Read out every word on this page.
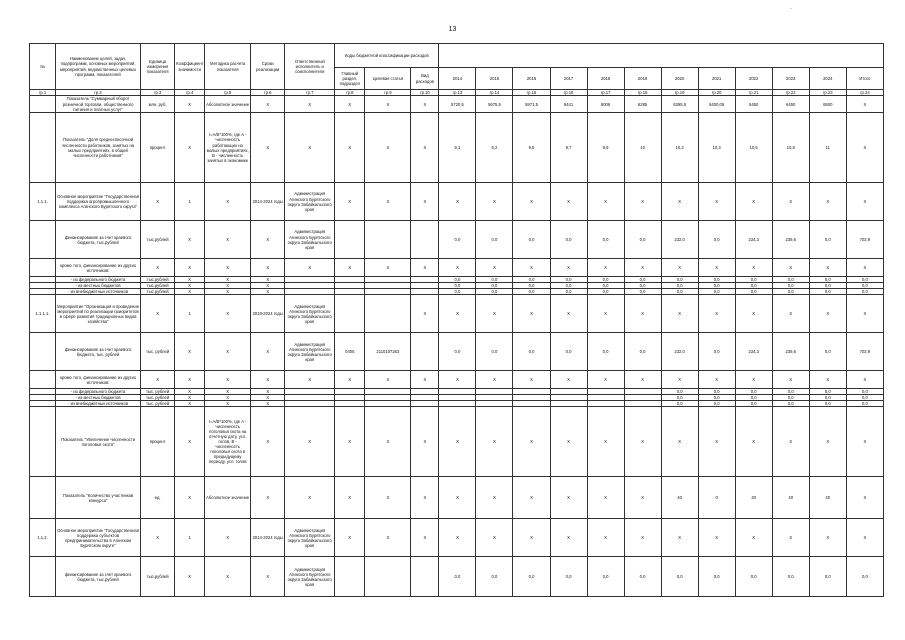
·
13
№	Наименование целей, задач, подпрограмм, основных мероприятий, мероприятий, ведомственных целевых программ, показателей	Единица измерения показателя	Коэффициент значимости	Методика расчета показателя	Сроки реализации	Ответственный исполнитель и соисполнители	Коды бюджетной классификации расходов														
							Главный раздел, подраздел	Целевая статья	Вид расходов	2014	2015	2016	2017	2018	2019	2020	2021	2022	2023	2024	Итого
гр.1	гр.2	гр.3	гр.4	гр.5	гр.6	гр.7	гр.8	гр.9	гр.10	гр.13	гр.14	гр.15	гр.16	гр.17	гр.18	гр.19	гр.20	гр.21	гр.22	гр.23	гр.24
	Показатель "Суммарный оборот розничной торговли, общественного питания и платных услуг"	млн. руб.	X	Абсолютное значение	X	X	X	X	X	5720,5	5675,5	5971,5	6441	6006	6285	6395,5	6400,05	6450	6450	6500	X
	Показатель "Доля среднесписочной численности работников, занятых на малых предприятиях, в общей численности работников"	процент	X	I=A/B*100%, где A - численность работающих на малых предприятиях, B - численность занятых в экономике	X	X	X	X	X	9,1	8,2	9,5	9,7	9,9	10	10,2	10,3	10,5	10,8	11	X
1.1.1.	Основное мероприятие "Государственная поддержка агропромышленного комплекса Агинского Бурятского округа"	X	1	X	2014-2024 годы	Администрация Агинского Бурятского округа Забайкальского края	X	X	X	X	X	X	X	X	X	X	X	X	X	X	X
	финансирование за счет краевого бюджета, тыс.рублей	тыс.рублей	X	X	X	Администрация Агинского Бурятского округа Забайкальского края				0,0	0,0	0,0	0,0	0,0	0,0	232,0	0,0	234,3	236,6	0,0	702,9
	кроме того, финансирование из других источников:	X	X	X	X	X	X	X	X	X	X	X	X	X	X	X	X	X	X	X	X
	- из федерального бюджета	тыс.рублей	X	X	X					0,0	0,0	0,0	0,0	0,0	0,0	0,0	0,0	0,0	0,0	0,0	0,0
	- из местных бюджетов	тыс.рублей	X	X	X					0,0	0,0	0,0	0,0	0,0	0,0	0,0	0,0	0,0	0,0	0,0	0,0
	- из внебюджетных источников	тыс.рублей	X	X	X					0,0	0,0	0,0	0,0	0,0	0,0	0,0	0,0	0,0	0,0	0,0	0,0
1.1.1.1.	Мероприятие "Организация и проведение мероприятий по реализации приоритетов в сфере развития традиционных видов хозяйства"	X	1	X	2019-2024 годы	Администрация Агинского Бурятского округа Забайкальского края			X	X	X	X	X	X	X	X	X	X	X	X	X
	финансирование за счет краевого бюджета, тыс. рублей	тыс. рублей	X	X	X	Администрация Агинского Бурятского округа Забайкальского края	0405	2110107263		0,0	0,0	0,0	0,0	0,0	0,0	232,0	0,0	234,3	236,6	0,0	702,9
	кроме того, финансирование из других источников:	X	X	X	X	X	X	X	X	X	X	X	X	X	X	X	X	X	X	X	X
	- из федерального бюджета	тыс. рублей	X	X	X											0,0	0,0	0,0	0,0	0,0	0,0
	- из местных бюджетов	тыс. рублей	X	X	X											0,0	0,0	0,0	0,0	0,0	0,0
	- из внебюджетных источников	тыс. рублей	X	X	X											0,0	0,0	0,0	0,0	0,0	0,0
	Показатель "Увеличение численности поголовья скота"	процент	X	I=A/B*100%, где A - численность поголовья скота на отчетную дату, усл. голов, B - численность поголовья скота в предыдущему периоду, усл. голов	X	X	X	X	X	X	X	X	X	X	X	X	X	X	X	X	X
	Показатель "Количество участников конкурса"	ед.	X	Абсолютное значение	X	X	X	X	X	X	X	X	X	X	X	40	0	40	40	40	X
1.1.2.	Основное мероприятие "Государственная поддержка субъектов предпринимательства в Агинском Бурятском округе"	X	1	X	2014-2024 годы	Администрация Агинского Бурятского округа Забайкальского края	X	X	X	X	X	X	X	X	X	X	X	X	X	X	X
	финансирование за счет краевого бюджета, тыс.рублей	тыс.рублей	X	X	X	Администрация Агинского Бурятского округа Забайкальского края				0,0	0,0	0,0	0,0	0,0	0,0	0,0	0,0	0,0	0,0	0,0	0,0
